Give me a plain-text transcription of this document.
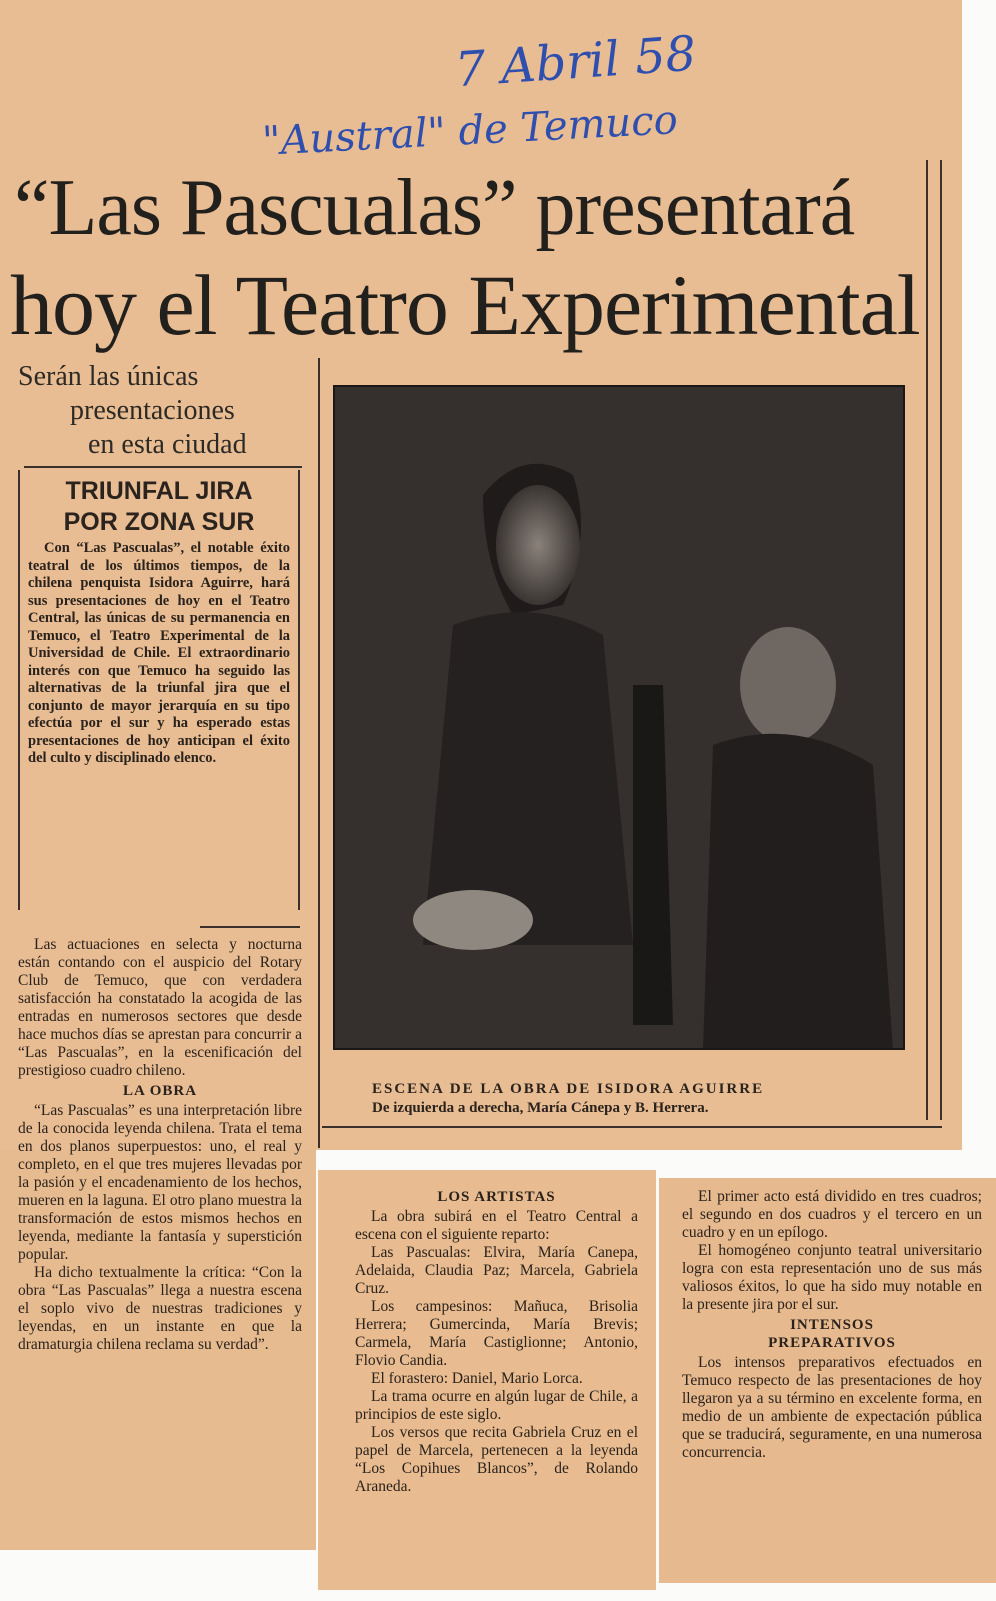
7 Abril 58
"Austral" de Temuco
“Las Pascualas” presentará
hoy el Teatro Experimental
Serán las únicas
presentaciones
en esta ciudad
TRIUNFAL JIRA
POR ZONA SUR

Con “Las Pascualas”, el notable éxito teatral de los últimos tiempos, de la chilena penquista Isidora Aguirre, hará sus presentaciones de hoy en el Teatro Central, las únicas de su permanencia en Temuco, el Teatro Experimental de la Universidad de Chile. El extraordinario interés con que Temuco ha seguido las alternativas de la triunfal jira que el conjunto de mayor jerarquía en su tipo efectúa por el sur y ha esperado estas presentaciones de hoy anticipan el éxito del culto y disciplinado elenco.

Las actuaciones en selecta y nocturna están contando con el auspicio del Rotary Club de Temuco, que con verdadera satisfacción ha constatado la acogida de las entradas en numerosos sectores que desde hace muchos días se aprestan para concurrir a “Las Pascualas”, en la escenificación del prestigioso cuadro chileno.

LA OBRA

“Las Pascualas” es una interpretación libre de la conocida leyenda chilena. Trata el tema en dos planos superpuestos: uno, el real y completo, en el que tres mujeres llevadas por la pasión y el encadenamiento de los hechos, mueren en la laguna. El otro plano muestra la transformación de estos mismos hechos en leyenda, mediante la fantasía y superstición popular.

Ha dicho textualmente la crítica: “Con la obra “Las Pascualas” llega a nuestra escena el soplo vivo de nuestras tradiciones y leyendas, en un instante en que la dramaturgia chilena reclama su verdad”.

ESCENA DE LA OBRA DE ISIDORA AGUIRRE
De izquierda a derecha, María Cánepa y B. Herrera.
LOS ARTISTAS

La obra subirá en el Teatro Central a escena con el siguiente reparto:

Las Pascualas: Elvira, María Canepa, Adelaida, Claudia Paz; Marcela, Gabriela Cruz.

Los campesinos: Mañuca, Brisolia Herrera; Gumercinda, María Brevis; Carmela, María Castiglionne; Antonio, Flovio Candia.

El forastero: Daniel, Mario Lorca.

La trama ocurre en algún lugar de Chile, a principios de este siglo.

Los versos que recita Gabriela Cruz en el papel de Marcela, pertenecen a la leyenda “Los Copihues Blancos”, de Rolando Araneda.

El primer acto está dividido en tres cuadros; el segundo en dos cuadros y el tercero en un cuadro y en un epílogo.

El homogéneo conjunto teatral universitario logra con esta representación uno de sus más valiosos éxitos, lo que ha sido muy notable en la presente jira por el sur.

INTENSOS
PREPARATIVOS

Los intensos preparativos efectuados en Temuco respecto de las presentaciones de hoy llegaron ya a su término en excelente forma, en medio de un ambiente de expectación pública que se traducirá, seguramente, en una numerosa concurrencia.
